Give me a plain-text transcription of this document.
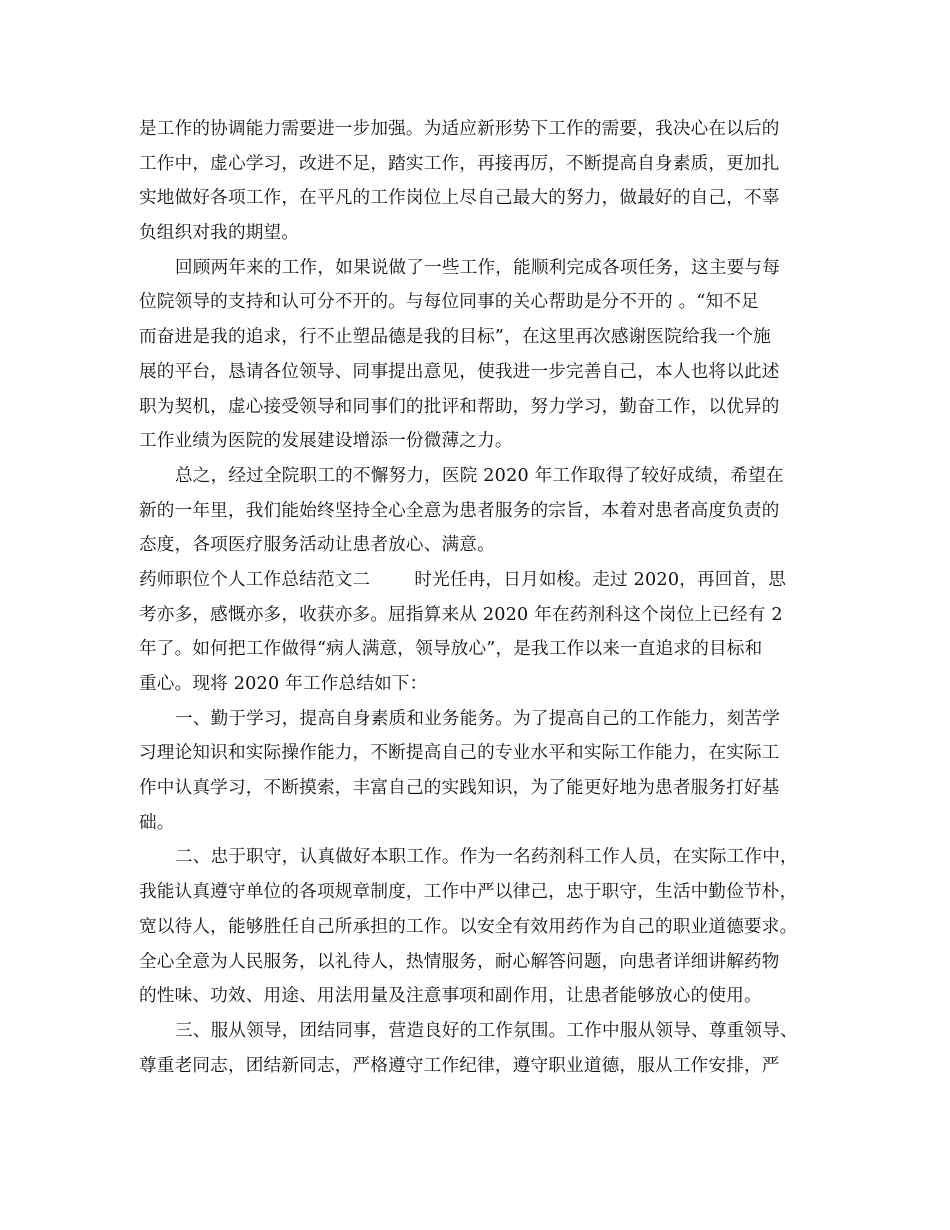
是工作的协调能力需要进一步加强。为适应新形势下工作的需要，我决心在以后的
工作中，虚心学习，改进不足，踏实工作，再接再厉，不断提高自身素质，更加扎
实地做好各项工作，在平凡的工作岗位上尽自己最大的努力，做最好的自己，不辜
负组织对我的期望。
回顾两年来的工作，如果说做了一些工作，能顺利完成各项任务，这主要与每
位院领导的支持和认可分不开的。与每位同事的关心帮助是分不开的 。“知不足
而奋进是我的追求，行不止塑品德是我的目标”，在这里再次感谢医院给我一个施
展的平台，恳请各位领导、同事提出意见，使我进一步完善自己，本人也将以此述
职为契机，虚心接受领导和同事们的批评和帮助，努力学习，勤奋工作，以优异的
工作业绩为医院的发展建设增添一份微薄之力。
总之，经过全院职工的不懈努力，医院 2020 年工作取得了较好成绩，希望在
新的一年里，我们能始终坚持全心全意为患者服务的宗旨，本着对患者高度负责的
态度，各项医疗服务活动让患者放心、满意。
药师职位个人工作总结范文二	时光任冉，日月如梭。走过 2020，再回首，思
考亦多，感慨亦多，收获亦多。屈指算来从 2020 年在药剂科这个岗位上已经有 2
年了。如何把工作做得“病人满意，领导放心”，是我工作以来一直追求的目标和
重心。现将 2020 年工作总结如下：
一、勤于学习，提高自身素质和业务能务。为了提高自己的工作能力，刻苦学
习理论知识和实际操作能力，不断提高自己的专业水平和实际工作能力，在实际工
作中认真学习，不断摸索，丰富自己的实践知识，为了能更好地为患者服务打好基
础。
二、忠于职守，认真做好本职工作。作为一名药剂科工作人员，在实际工作中，
我能认真遵守单位的各项规章制度，工作中严以律己，忠于职守，生活中勤俭节朴，
宽以待人，能够胜任自己所承担的工作。以安全有效用药作为自己的职业道德要求。
全心全意为人民服务，以礼待人，热情服务，耐心解答问题，向患者详细讲解药物
的性味、功效、用途、用法用量及注意事项和副作用，让患者能够放心的使用。
三、服从领导，团结同事，营造良好的工作氛围。工作中服从领导、尊重领导、
尊重老同志，团结新同志，严格遵守工作纪律，遵守职业道德，服从工作安排，严
